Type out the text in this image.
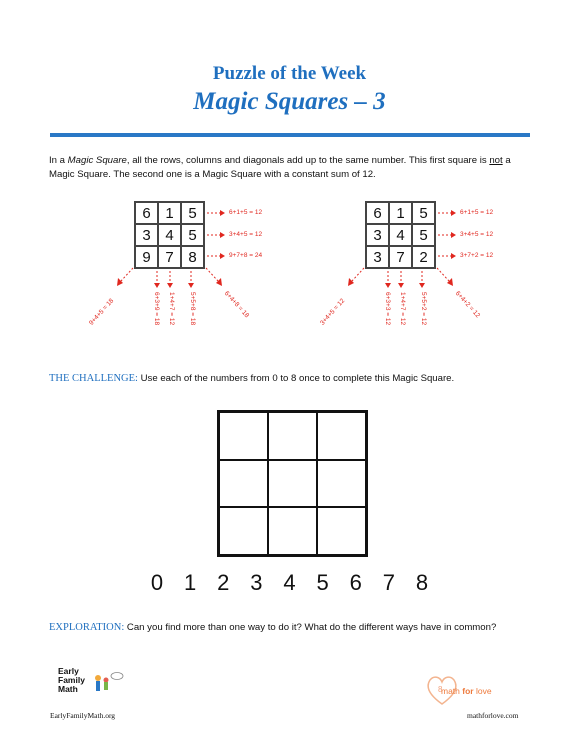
Puzzle of the Week
Magic Squares – 3

In a Magic Square, all the rows, columns and diagonals add up to the same number. This first square is not a Magic Square. The second one is a Magic Square with a constant sum of 12.

6 1 5
3 4 5
9 7 8
6+1+5 = 12
3+4+5 = 12
9+7+8 = 24
6+3+9 = 18 1+4+7 = 12 5+5+8 = 18
9+4+5 = 18	6+4+8 = 18
6 1 5
3 4 5
3 7 2
6+1+5 = 12
3+4+5 = 12
3+7+2 = 12
6+3+3 = 12 1+4+7 = 12 5+5+2 = 12
3+4+5 = 12	6+4+2 = 12
THE CHALLENGE: Use each of the numbers from 0 to 8 once to complete this Magic Square.
0 1 2 3 4 5 6 7 8
EXPLORATION: Can you find more than one way to do it? What do the different ways have in common?
Early
Family
Math
EarlyFamilyMath.org
8
math for love
mathforlove.com
